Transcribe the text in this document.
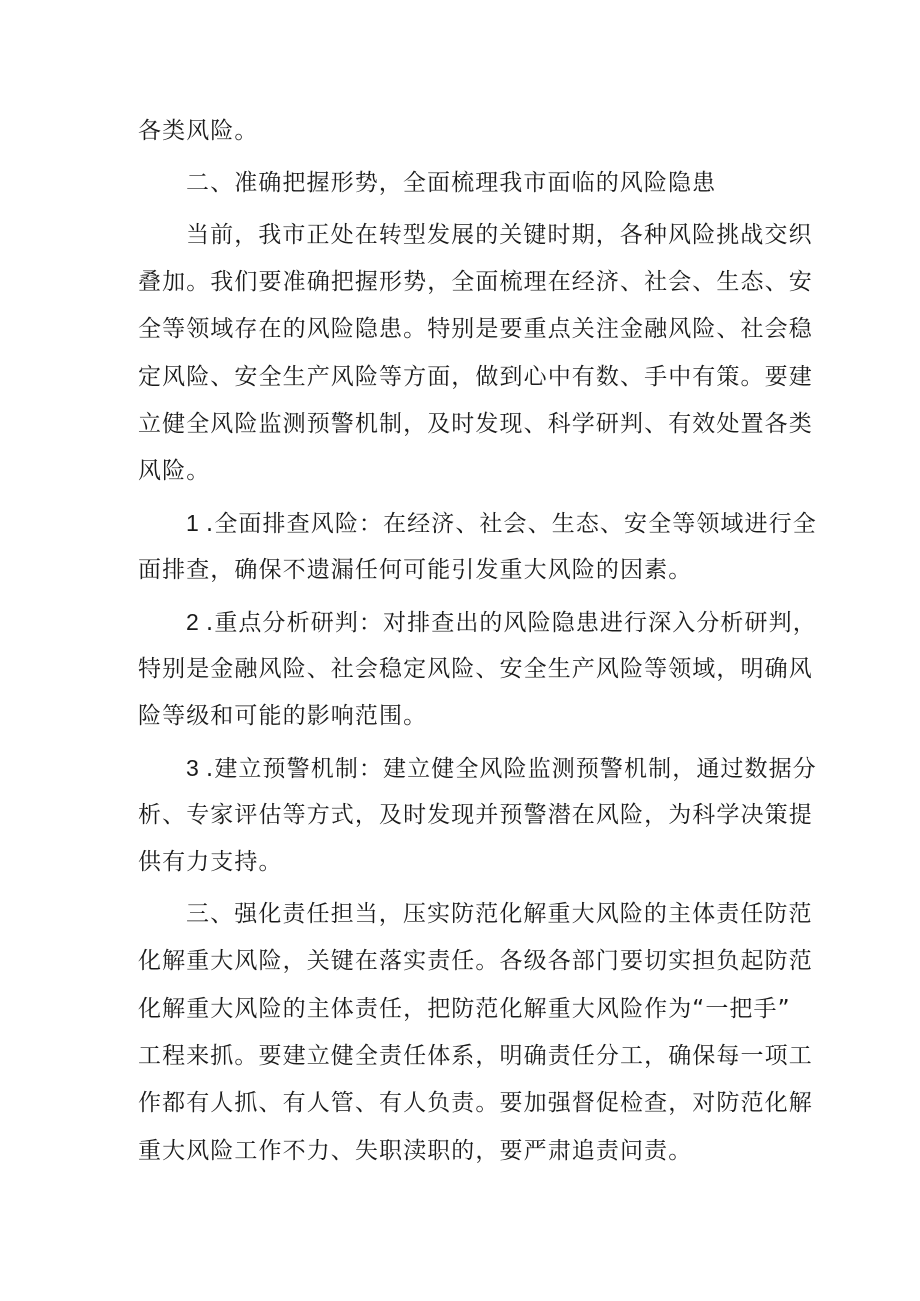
各类风险。
二、准确把握形势，全面梳理我市面临的风险隐患
当前，我市正处在转型发展的关键时期，各种风险挑战交织
叠加。我们要准确把握形势，全面梳理在经济、社会、生态、安
全等领域存在的风险隐患。特别是要重点关注金融风险、社会稳
定风险、安全生产风险等方面，做到心中有数、手中有策。要建
立健全风险监测预警机制，及时发现、科学研判、有效处置各类
风险。
1 .全面排查风险：在经济、社会、生态、安全等领域进行全
面排查，确保不遗漏任何可能引发重大风险的因素。
2 .重点分析研判：对排查出的风险隐患进行深入分析研判，
特别是金融风险、社会稳定风险、安全生产风险等领域，明确风
险等级和可能的影响范围。
3 .建立预警机制：建立健全风险监测预警机制，通过数据分
析、专家评估等方式，及时发现并预警潜在风险，为科学决策提
供有力支持。
三、强化责任担当，压实防范化解重大风险的主体责任防范
化解重大风险，关键在落实责任。各级各部门要切实担负起防范
化解重大风险的主体责任，把防范化解重大风险作为“一把手”
工程来抓。要建立健全责任体系，明确责任分工，确保每一项工
作都有人抓、有人管、有人负责。要加强督促检查，对防范化解
重大风险工作不力、失职渎职的，要严肃追责问责。
